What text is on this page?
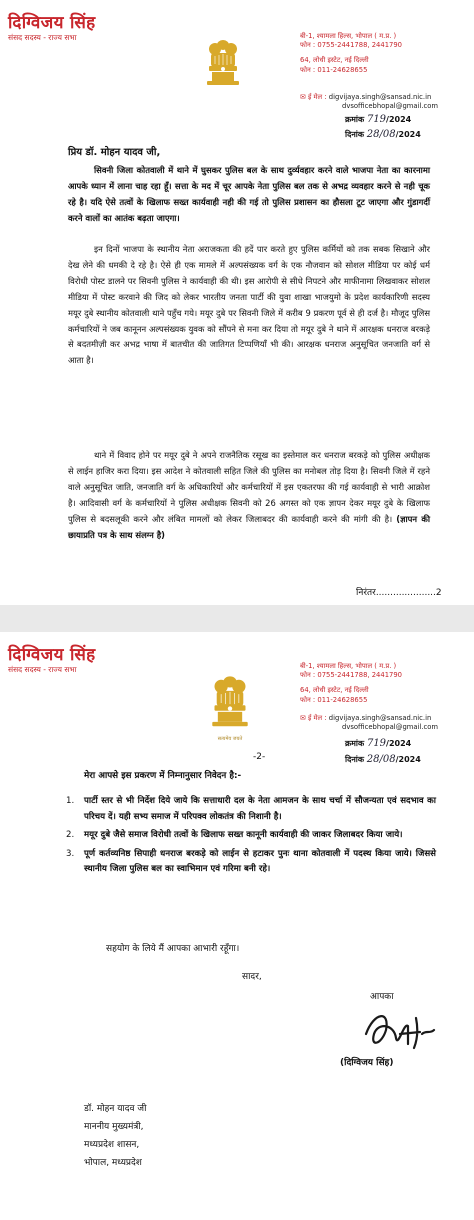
दिग्विजय सिंह
संसद सदस्य - राज्य सभा	बी-1, श्यामला हिल्स, भोपाल ( म.प्र. )
फोन : 0755-2441788, 2441790
64, लोधी इस्टेट, नई दिल्ली
फोन : 011-24628655
✉ ई मेल : digvijaya.singh@sansad.nic.in
dvsofficebhopal@gmail.com
क्रमांक 719/2024
दिनांक 28/08/2024
प्रिय डॉ. मोहन यादव जी,
सिवनी जिला कोतवाली में थाने में घुसकर पुलिस बल के साथ दुर्व्यवहार करने वाले भाजपा नेता का कारनामा आपके ध्यान में लाना चाह रहा हूँ। सत्ता के मद में चूर आपके नेता पुलिस बल तक से अभद्र व्यवहार करने से नही चूक रहे है। यदि ऐसे तत्वों के खिलाफ सख्त कार्यवाही नही की गई तो पुलिस प्रशासन का हौसला टूट जाएगा और गुंडागर्दी करने वालों का आतंक बढ़ता जाएगा।
इन दिनों भाजपा के स्थानीय नेता अराजकता की हदें पार करते हुए पुलिस कर्मियों को तक सबक सिखाने और देख लेने की धमकी दे रहे है। ऐसे ही एक मामले में अल्पसंख्यक वर्ग के एक नौजवान को सोशल मीडिया पर कोई धर्म विरोधी पोस्ट डालने पर सिवनी पुलिस ने कार्यवाही की थी। इस आरोपी से सीधे निपटने और माफीनामा लिखवाकर सोशल मीडिया में पोस्ट करवाने की जिद को लेकर भारतीय जनता पार्टी की युवा शाखा भाजयुमो के प्रदेश कार्यकारिणी सदस्य मयूर दुबे स्थानीय कोतवाली थाने पहुँच गये। मयूर दुबे पर सिवनी जिले में करीब 9 प्रकरण पूर्व से ही दर्ज है। मौजूद पुलिस कर्मचारियों ने जब कानूनन अल्पसंख्यक युवक को सौंपने से मना कर दिया तो मयूर दुबे ने थाने में आरक्षक धनराज बरकड़े से बदतमीज़ी कर अभद्र भाषा में बातचीत की जातिगत टिप्पणियाँ भी की। आरक्षक धनराज अनुसूचित जनजाति वर्ग से आता है।
थाने में विवाद होने पर मयूर दुबे ने अपने राजनैतिक रसूख का इस्तेमाल कर धनराज बरकड़े को पुलिस अधीक्षक से लाईन हाजिर करा दिया। इस आदेश ने कोतवाली सहित जिले की पुलिस का मनोबल तोड़ दिया है। सिवनी जिले में रहने वाले अनुसूचित जाति, जनजाति वर्ग के अधिकारियों और कर्मचारियों में इस एकतरफा की गई कार्यवाही से भारी आक्रोश है। आदिवासी वर्ग के कर्मचारियों ने पुलिस अधीक्षक सिवनी को 26 अगस्त को एक ज्ञापन देकर मयूर दुबे के खिलाफ पुलिस से बदसलूकी करने और लंबित मामलों को लेकर जिलाबदर की कार्यवाही करने की मांगी की है। (ज्ञापन की छायाप्रति पत्र के साथ संलग्न है)
निरंतर.....................2
दिग्विजय सिंह
संसद सदस्य - राज्य सभा
सत्यमेव जयते
बी-1, श्यामला हिल्स, भोपाल ( म.प्र. )
फोन : 0755-2441788, 2441790
64, लोधी इस्टेट, नई दिल्ली
फोन : 011-24628655
✉ ई मेल : digvijaya.singh@sansad.nic.in
dvsofficebhopal@gmail.com
क्रमांक 719/2024
दिनांक 28/08/2024
-2-
मेरा आपसे इस प्रकरण में निम्नानुसार निवेदन है:-
1. पार्टी स्तर से भी निर्देश दिये जाये कि सत्ताधारी दल के नेता आमजन के साथ चर्चा में सौजन्यता एवं सदभाव का परिचय दें। यही सभ्य समाज में परिपक्व लोकतंत्र की निशानी है।
2. मयूर दुबे जैसे समाज विरोधी तत्वों के खिलाफ सख्त कानूनी कार्यवाही की जाकर जिलाबदर किया जाये।
3. पूर्ण कर्तव्यनिष्ठ सिपाही धनराज बरकड़े को लाईन से हटाकर पुनः थाना कोतवाली में पदस्थ किया जाये। जिससे स्थानीय जिला पुलिस बल का स्वाभिमान एवं गरिमा बनी रहे।
सहयोग के लिये मैं आपका आभारी रहूँगा।
सादर,
आपका
(दिग्विजय सिंह)
डॉ. मोहन यादव जी
माननीय मुख्यमंत्री,
मध्यप्रदेश शासन,
भोपाल, मध्यप्रदेश
